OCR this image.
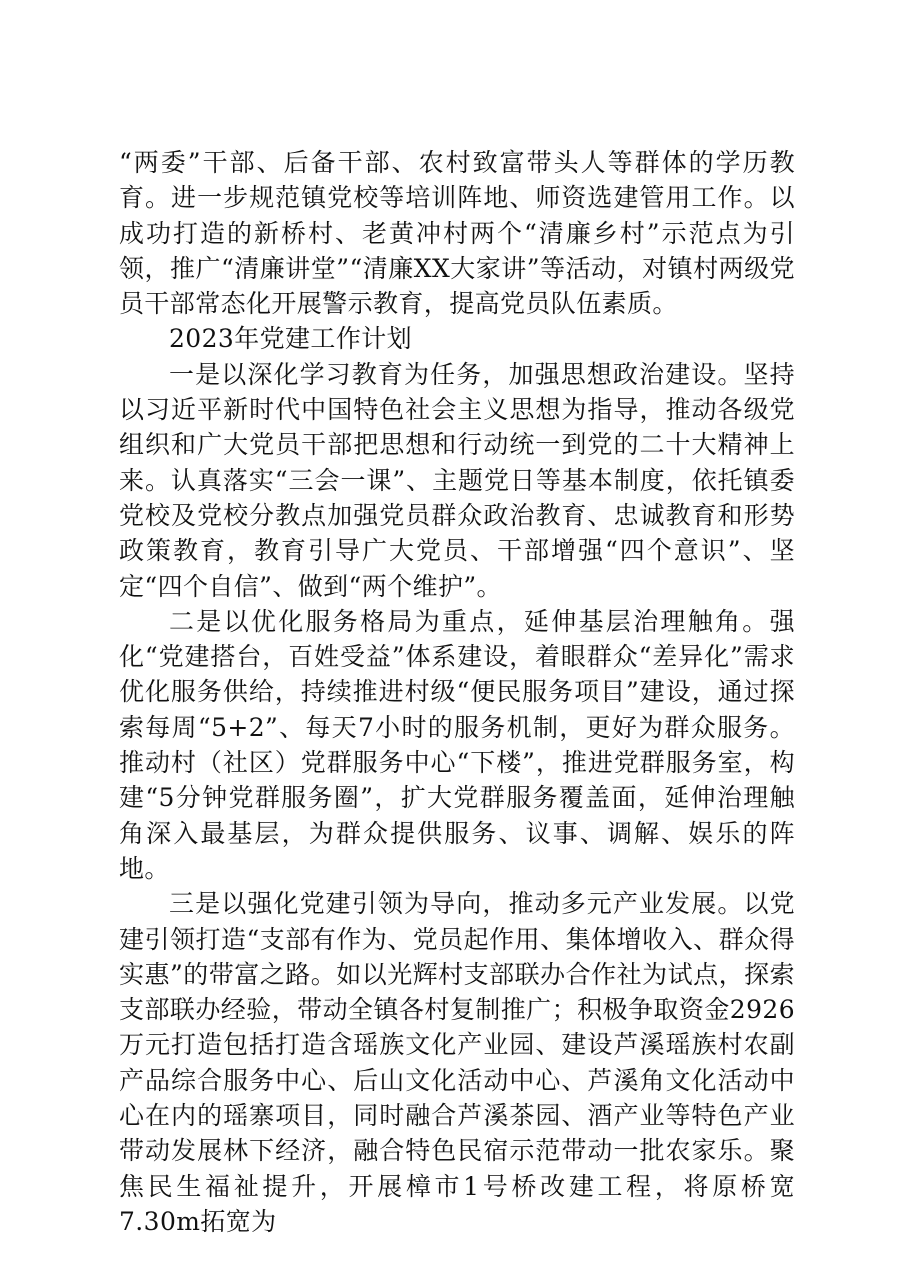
“两委”干部、后备干部、农村致富带头人等群体的学历教育。进一步规范镇党校等培训阵地、师资选建管用工作。以成功打造的新桥村、老黄冲村两个“清廉乡村”示范点为引领，推广“清廉讲堂”“清廉XX大家讲”等活动，对镇村两级党员干部常态化开展警示教育，提高党员队伍素质。

2023年党建工作计划

一是以深化学习教育为任务，加强思想政治建设。坚持以习近平新时代中国特色社会主义思想为指导，推动各级党组织和广大党员干部把思想和行动统一到党的二十大精神上来。认真落实“三会一课”、主题党日等基本制度，依托镇委党校及党校分教点加强党员群众政治教育、忠诚教育和形势政策教育，教育引导广大党员、干部增强“四个意识”、坚定“四个自信”、做到“两个维护”。

二是以优化服务格局为重点，延伸基层治理触角。强化“党建搭台，百姓受益”体系建设，着眼群众“差异化”需求优化服务供给，持续推进村级“便民服务项目”建设，通过探索每周“5+2”、每天7小时的服务机制，更好为群众服务。推动村（社区）党群服务中心“下楼”，推进党群服务室，构建“5分钟党群服务圈”，扩大党群服务覆盖面，延伸治理触角深入最基层，为群众提供服务、议事、调解、娱乐的阵地。

三是以强化党建引领为导向，推动多元产业发展。以党建引领打造“支部有作为、党员起作用、集体增收入、群众得实惠”的带富之路。如以光辉村支部联办合作社为试点，探索支部联办经验，带动全镇各村复制推广；积极争取资金2926万元打造包括打造含瑶族文化产业园、建设芦溪瑶族村农副产品综合服务中心、后山文化活动中心、芦溪角文化活动中心在内的瑶寨项目，同时融合芦溪茶园、酒产业等特色产业带动发展林下经济，融合特色民宿示范带动一批农家乐。聚焦民生福祉提升，开展樟市1号桥改建工程，将原桥宽7.30m拓宽为
